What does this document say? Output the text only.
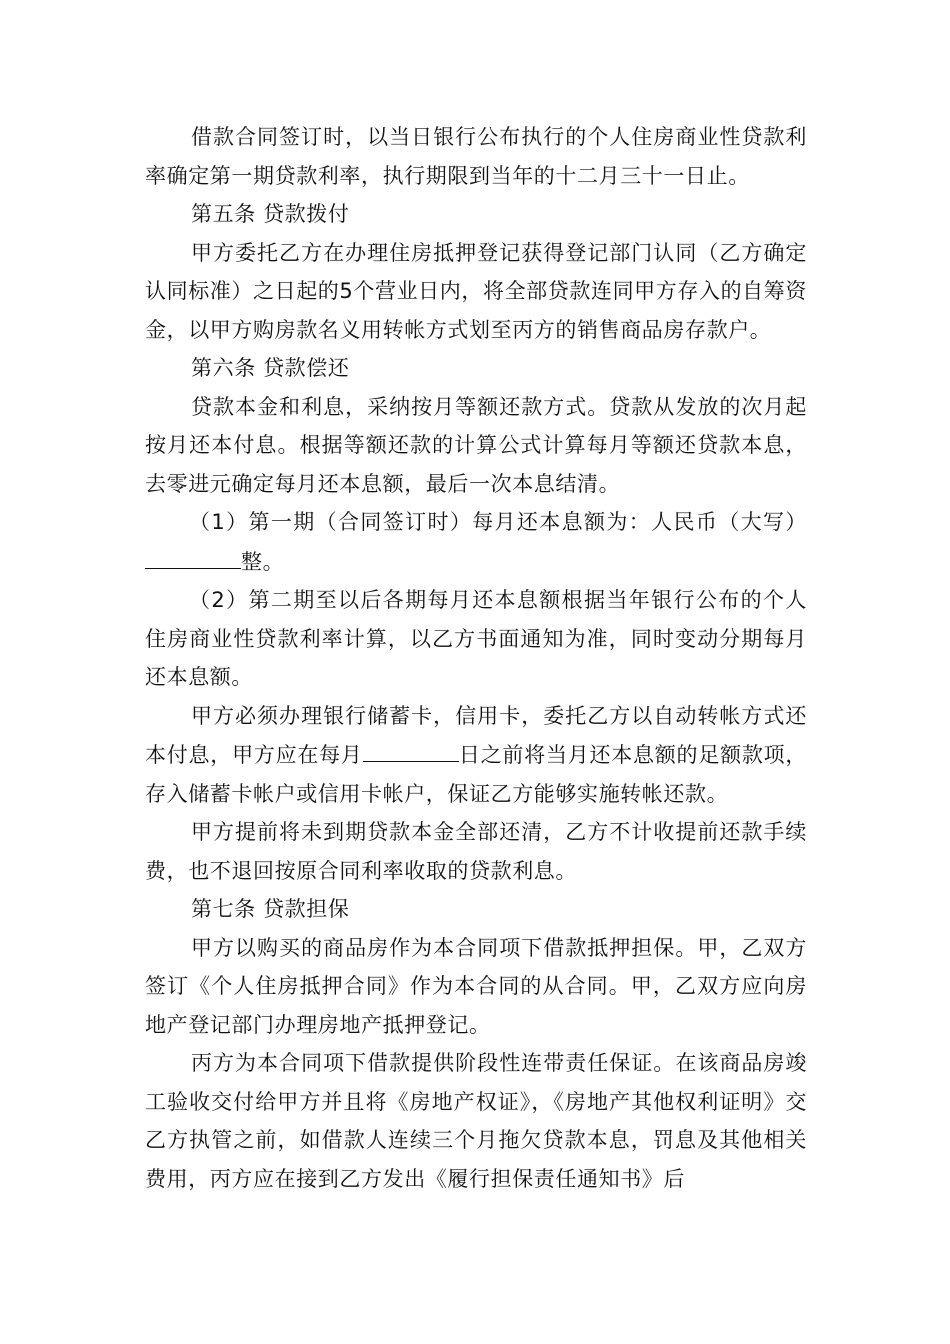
借款合同签订时，以当日银行公布执行的个人住房商业性贷款利率确定第一期贷款利率，执行期限到当年的十二月三十一日止。

第五条 贷款拨付

甲方委托乙方在办理住房抵押登记获得登记部门认同（乙方确定认同标准）之日起的5个营业日内，将全部贷款连同甲方存入的自筹资金，以甲方购房款名义用转帐方式划至丙方的销售商品房存款户。

第六条 贷款偿还

贷款本金和利息，采纳按月等额还款方式。贷款从发放的次月起按月还本付息。根据等额还款的计算公式计算每月等额还贷款本息，去零进元确定每月还本息额，最后一次本息结清。

（1）第一期（合同签订时）每月还本息额为：人民币（大写）整。

（2）第二期至以后各期每月还本息额根据当年银行公布的个人住房商业性贷款利率计算，以乙方书面通知为准，同时变动分期每月还本息额。

甲方必须办理银行储蓄卡，信用卡，委托乙方以自动转帐方式还本付息，甲方应在每月	日之前将当月还本息额的足额款项，存入储蓄卡帐户或信用卡帐户，保证乙方能够实施转帐还款。

甲方提前将未到期贷款本金全部还清，乙方不计收提前还款手续费，也不退回按原合同利率收取的贷款利息。

第七条 贷款担保

甲方以购买的商品房作为本合同项下借款抵押担保。甲，乙双方签订《个人住房抵押合同》作为本合同的从合同。甲，乙双方应向房地产登记部门办理房地产抵押登记。

丙方为本合同项下借款提供阶段性连带责任保证。在该商品房竣工验收交付给甲方并且将《房地产权证》，《房地产其他权利证明》交乙方执管之前，如借款人连续三个月拖欠贷款本息，罚息及其他相关费用，丙方应在接到乙方发出《履行担保责任通知书》后
